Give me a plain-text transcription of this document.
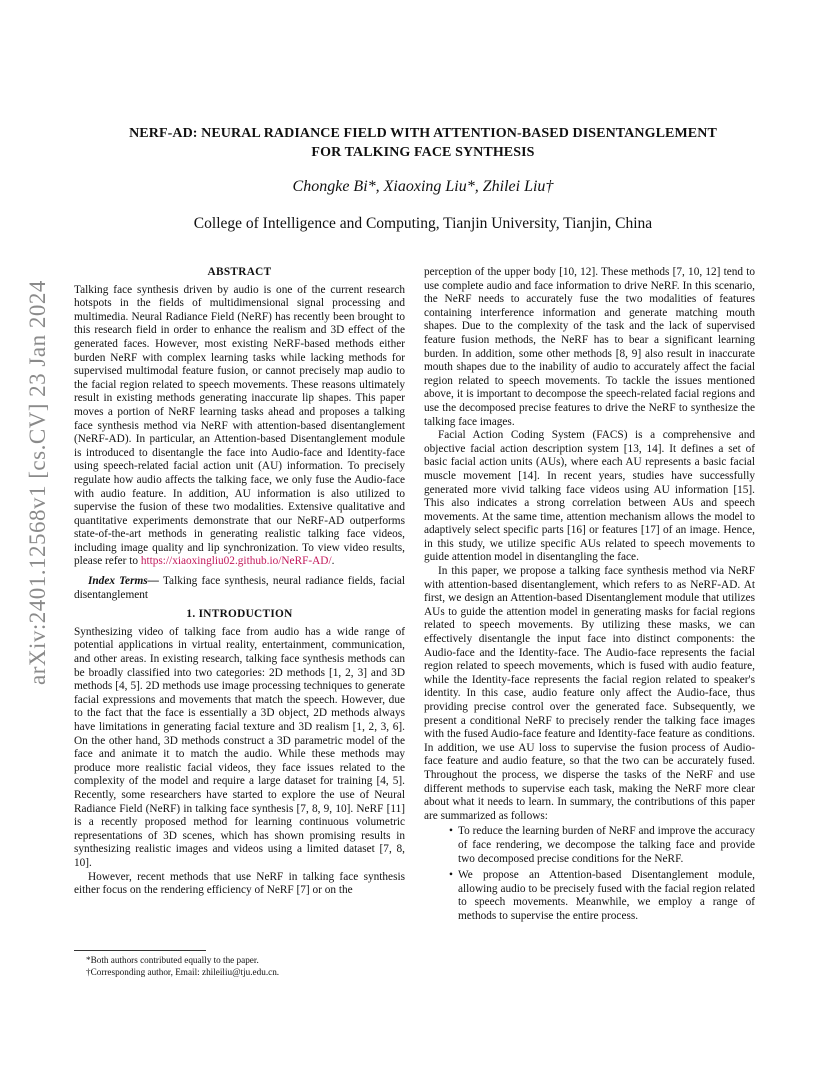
arXiv:2401.12568v1 [cs.CV] 23 Jan 2024
NERF-AD: NEURAL RADIANCE FIELD WITH ATTENTION-BASED DISENTANGLEMENT
FOR TALKING FACE SYNTHESIS
Chongke Bi*, Xiaoxing Liu*, Zhilei Liu†
College of Intelligence and Computing, Tianjin University, Tianjin, China
ABSTRACT

Talking face synthesis driven by audio is one of the current research hotspots in the fields of multidimensional signal processing and multimedia. Neural Radiance Field (NeRF) has recently been brought to this research field in order to enhance the realism and 3D effect of the generated faces. However, most existing NeRF-based methods either burden NeRF with complex learning tasks while lacking methods for supervised multimodal feature fusion, or cannot precisely map audio to the facial region related to speech movements. These reasons ultimately result in existing methods generating inaccurate lip shapes. This paper moves a portion of NeRF learning tasks ahead and proposes a talking face synthesis method via NeRF with attention-based disentanglement (NeRF-AD). In particular, an Attention-based Disentanglement module is introduced to disentangle the face into Audio-face and Identity-face using speech-related facial action unit (AU) information. To precisely regulate how audio affects the talking face, we only fuse the Audio-face with audio feature. In addition, AU information is also utilized to supervise the fusion of these two modalities. Extensive qualitative and quantitative experiments demonstrate that our NeRF-AD outperforms state-of-the-art methods in generating realistic talking face videos, including image quality and lip synchronization. To view video results, please refer to https://xiaoxingliu02.github.io/NeRF-AD/.

Index Terms— Talking face synthesis, neural radiance fields, facial disentanglement

1. INTRODUCTION

Synthesizing video of talking face from audio has a wide range of potential applications in virtual reality, entertainment, communication, and other areas. In existing research, talking face synthesis methods can be broadly classified into two categories: 2D methods [1, 2, 3] and 3D methods [4, 5]. 2D methods use image processing techniques to generate facial expressions and movements that match the speech. However, due to the fact that the face is essentially a 3D object, 2D methods always have limitations in generating facial texture and 3D realism [1, 2, 3, 6]. On the other hand, 3D methods construct a 3D parametric model of the face and animate it to match the audio. While these methods may produce more realistic facial videos, they face issues related to the complexity of the model and require a large dataset for training [4, 5]. Recently, some researchers have started to explore the use of Neural Radiance Field (NeRF) in talking face synthesis [7, 8, 9, 10]. NeRF [11] is a recently proposed method for learning continuous volumetric representations of 3D scenes, which has shown promising results in synthesizing realistic images and videos using a limited dataset [7, 8, 10].

However, recent methods that use NeRF in talking face synthesis either focus on the rendering efficiency of NeRF [7] or on the

perception of the upper body [10, 12]. These methods [7, 10, 12] tend to use complete audio and face information to drive NeRF. In this scenario, the NeRF needs to accurately fuse the two modalities of features containing interference information and generate matching mouth shapes. Due to the complexity of the task and the lack of supervised feature fusion methods, the NeRF has to bear a significant learning burden. In addition, some other methods [8, 9] also result in inaccurate mouth shapes due to the inability of audio to accurately affect the facial region related to speech movements. To tackle the issues mentioned above, it is important to decompose the speech-related facial regions and use the decomposed precise features to drive the NeRF to synthesize the talking face images.

Facial Action Coding System (FACS) is a comprehensive and objective facial action description system [13, 14]. It defines a set of basic facial action units (AUs), where each AU represents a basic facial muscle movement [14]. In recent years, studies have successfully generated more vivid talking face videos using AU information [15]. This also indicates a strong correlation between AUs and speech movements. At the same time, attention mechanism allows the model to adaptively select specific parts [16] or features [17] of an image. Hence, in this study, we utilize specific AUs related to speech movements to guide attention model in disentangling the face.

In this paper, we propose a talking face synthesis method via NeRF with attention-based disentanglement, which refers to as NeRF-AD. At first, we design an Attention-based Disentanglement module that utilizes AUs to guide the attention model in generating masks for facial regions related to speech movements. By utilizing these masks, we can effectively disentangle the input face into distinct components: the Audio-face and the Identity-face. The Audio-face represents the facial region related to speech movements, which is fused with audio feature, while the Identity-face represents the facial region related to speaker's identity. In this case, audio feature only affect the Audio-face, thus providing precise control over the generated face. Subsequently, we present a conditional NeRF to precisely render the talking face images with the fused Audio-face feature and Identity-face feature as conditions. In addition, we use AU loss to supervise the fusion process of Audio-face feature and audio feature, so that the two can be accurately fused. Throughout the process, we disperse the tasks of the NeRF and use different methods to supervise each task, making the NeRF more clear about what it needs to learn. In summary, the contributions of this paper are summarized as follows:

• To reduce the learning burden of NeRF and improve the accuracy of face rendering, we decompose the talking face and provide two decomposed precise conditions for the NeRF.
• We propose an Attention-based Disentanglement module, allowing audio to be precisely fused with the facial region related to speech movements. Meanwhile, we employ a range of methods to supervise the entire process.
*Both authors contributed equally to the paper.
†Corresponding author, Email: zhileiliu@tju.edu.cn.
